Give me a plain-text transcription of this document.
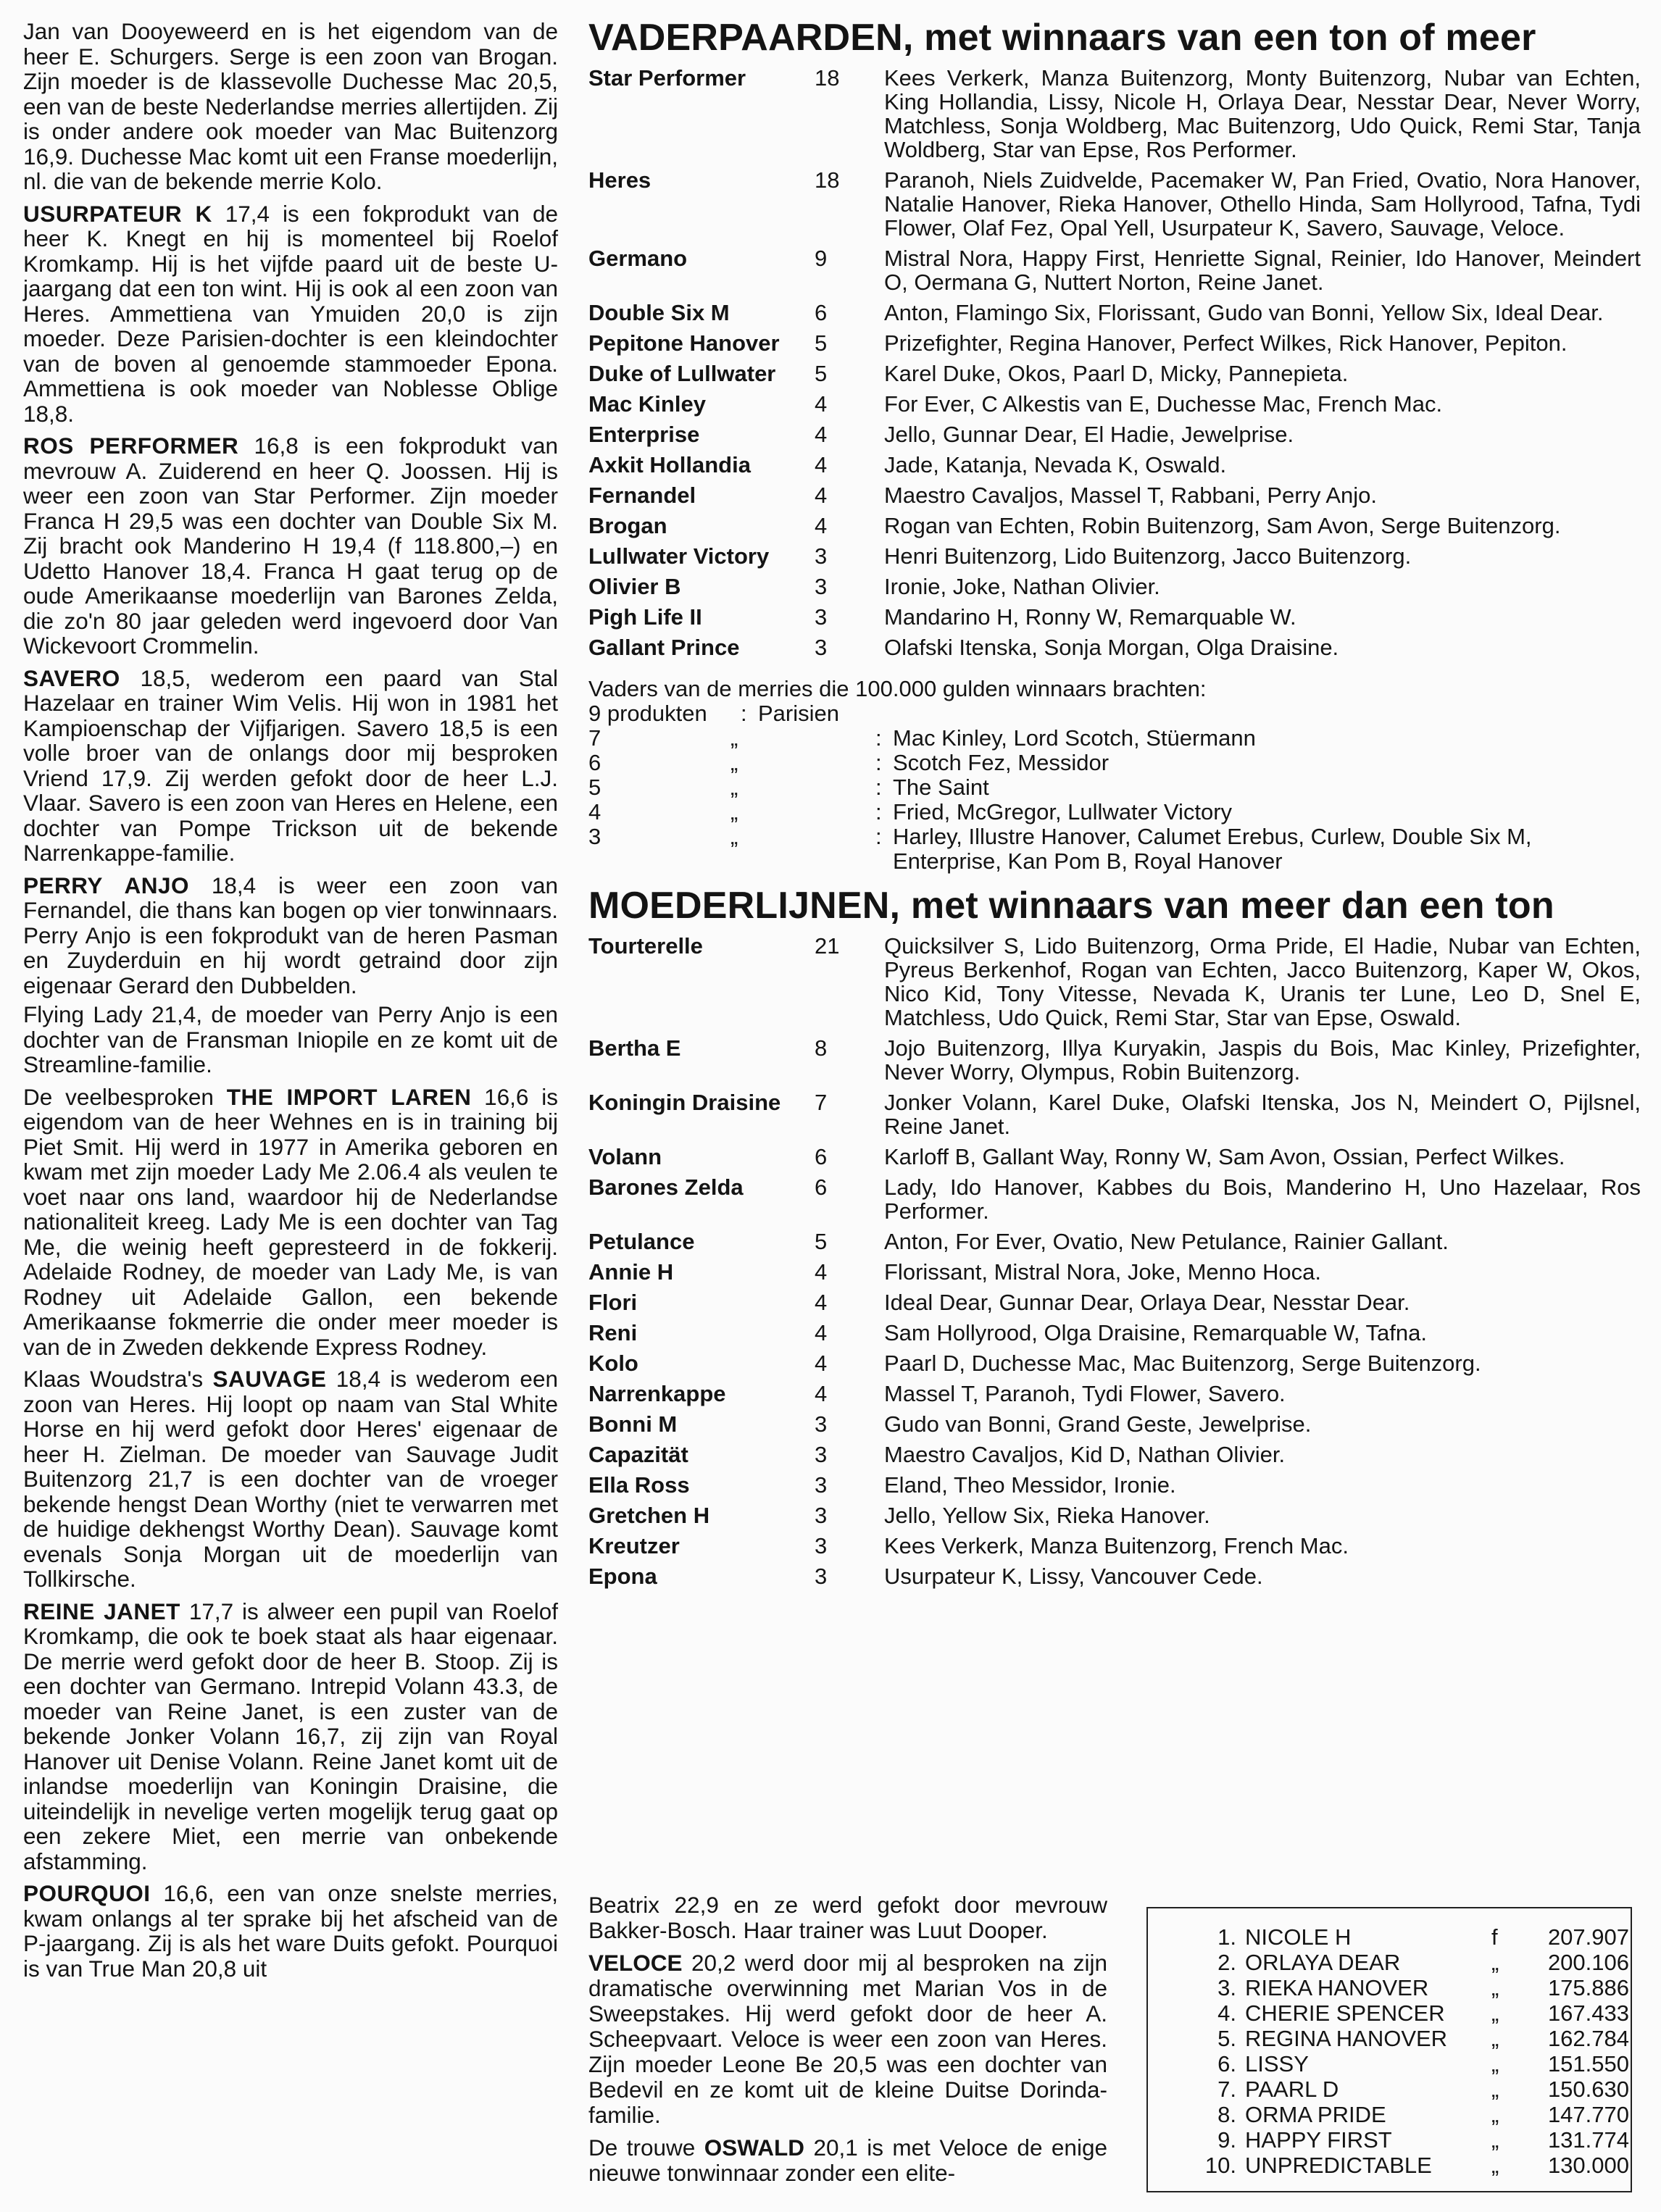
Jan van Dooyeweerd en is het eigendom van de heer E. Schurgers. Serge is een zoon van Brogan. Zijn moeder is de klassevolle Duchesse Mac 20,5, een van de beste Nederlandse merries allertijden. Zij is onder andere ook moeder van Mac Buitenzorg 16,9. Duchesse Mac komt uit een Franse moederlijn, nl. die van de bekende merrie Kolo.

USURPATEUR K 17,4 is een fokprodukt van de heer K. Knegt en hij is momenteel bij Roelof Kromkamp. Hij is het vijfde paard uit de beste U-jaargang dat een ton wint. Hij is ook al een zoon van Heres. Ammettiena van Ymuiden 20,0 is zijn moeder. Deze Parisien-dochter is een kleindochter van de boven al genoemde stammoeder Epona. Ammettiena is ook moeder van Noblesse Oblige 18,8.

ROS PERFORMER 16,8 is een fokprodukt van mevrouw A. Zuiderend en heer Q. Joossen. Hij is weer een zoon van Star Performer. Zijn moeder Franca H 29,5 was een dochter van Double Six M. Zij bracht ook Manderino H 19,4 (f 118.800,–) en Udetto Hanover 18,4. Franca H gaat terug op de oude Amerikaanse moederlijn van Barones Zelda, die zo'n 80 jaar geleden werd ingevoerd door Van Wickevoort Crommelin.

SAVERO 18,5, wederom een paard van Stal Hazelaar en trainer Wim Velis. Hij won in 1981 het Kampioenschap der Vijfjarigen. Savero 18,5 is een volle broer van de onlangs door mij besproken Vriend 17,9. Zij werden gefokt door de heer L.J. Vlaar. Savero is een zoon van Heres en Helene, een dochter van Pompe Trickson uit de bekende Narrenkappe-familie.

PERRY ANJO 18,4 is weer een zoon van Fernandel, die thans kan bogen op vier tonwinnaars. Perry Anjo is een fokprodukt van de heren Pasman en Zuyderduin en hij wordt getraind door zijn eigenaar Gerard den Dubbelden.

Flying Lady 21,4, de moeder van Perry Anjo is een dochter van de Fransman Iniopile en ze komt uit de Streamline-familie.

De veelbesproken THE IMPORT LAREN 16,6 is eigendom van de heer Wehnes en is in training bij Piet Smit. Hij werd in 1977 in Amerika geboren en kwam met zijn moeder Lady Me 2.06.4 als veulen te voet naar ons land, waardoor hij de Nederlandse nationaliteit kreeg. Lady Me is een dochter van Tag Me, die weinig heeft gepresteerd in de fokkerij. Adelaide Rodney, de moeder van Lady Me, is van Rodney uit Adelaide Gallon, een bekende Amerikaanse fokmerrie die onder meer moeder is van de in Zweden dekkende Express Rodney.

Klaas Woudstra's SAUVAGE 18,4 is wederom een zoon van Heres. Hij loopt op naam van Stal White Horse en hij werd gefokt door Heres' eigenaar de heer H. Zielman. De moeder van Sauvage Judit Buitenzorg 21,7 is een dochter van de vroeger bekende hengst Dean Worthy (niet te verwarren met de huidige dekhengst Worthy Dean). Sauvage komt evenals Sonja Morgan uit de moederlijn van Tollkirsche.

REINE JANET 17,7 is alweer een pupil van Roelof Kromkamp, die ook te boek staat als haar eigenaar. De merrie werd gefokt door de heer B. Stoop. Zij is een dochter van Germano. Intrepid Volann 43.3, de moeder van Reine Janet, is een zuster van de bekende Jonker Volann 16,7, zij zijn van Royal Hanover uit Denise Volann. Reine Janet komt uit de inlandse moederlijn van Koningin Draisine, die uiteindelijk in nevelige verten mogelijk terug gaat op een zekere Miet, een merrie van onbekende afstamming.

POURQUOI 16,6, een van onze snelste merries, kwam onlangs al ter sprake bij het afscheid van de P-jaargang. Zij is als het ware Duits gefokt. Pourquoi is van True Man 20,8 uit

VADERPAARDEN, met winnaars van een ton of meer
Star Performer	18	Kees Verkerk, Manza Buitenzorg, Monty Buitenzorg, Nubar van Echten, King Hollandia, Lissy, Nicole H, Orlaya Dear, Nesstar Dear, Never Worry, Matchless, Sonja Woldberg, Mac Buitenzorg, Udo Quick, Remi Star, Tanja Woldberg, Star van Epse, Ros Performer.
Heres	18	Paranoh, Niels Zuidvelde, Pacemaker W, Pan Fried, Ovatio, Nora Hanover, Natalie Hanover, Rieka Hanover, Othello Hinda, Sam Hollyrood, Tafna, Tydi Flower, Olaf Fez, Opal Yell, Usurpateur K, Savero, Sauvage, Veloce.
Germano	9	Mistral Nora, Happy First, Henriette Signal, Reinier, Ido Hanover, Meindert O, Oermana G, Nuttert Norton, Reine Janet.
Double Six M	6	Anton, Flamingo Six, Florissant, Gudo van Bonni, Yellow Six, Ideal Dear.
Pepitone Hanover	5	Prizefighter, Regina Hanover, Perfect Wilkes, Rick Hanover, Pepiton.
Duke of Lullwater	5	Karel Duke, Okos, Paarl D, Micky, Pannepieta.
Mac Kinley	4	For Ever, C Alkestis van E, Duchesse Mac, French Mac.
Enterprise	4	Jello, Gunnar Dear, El Hadie, Jewelprise.
Axkit Hollandia	4	Jade, Katanja, Nevada K, Oswald.
Fernandel	4	Maestro Cavaljos, Massel T, Rabbani, Perry Anjo.
Brogan	4	Rogan van Echten, Robin Buitenzorg, Sam Avon, Serge Buitenzorg.
Lullwater Victory	3	Henri Buitenzorg, Lido Buitenzorg, Jacco Buitenzorg.
Olivier B	3	Ironie, Joke, Nathan Olivier.
Pigh Life II	3	Mandarino H, Ronny W, Remarquable W.
Gallant Prince	3	Olafski Itenska, Sonja Morgan, Olga Draisine.
Vaders van de merries die 100.000 gulden winnaars brachten:
9 produkten	: Parisien
7	„	: Mac Kinley, Lord Scotch, Stüermann
6	„	: Scotch Fez, Messidor
5	„	: The Saint
4	„	: Fried, McGregor, Lullwater Victory
3	„	: Harley, Illustre Hanover, Calumet Erebus, Curlew, Double Six M, Enterprise, Kan Pom B, Royal Hanover
MOEDERLIJNEN, met winnaars van meer dan een ton
Tourterelle	21	Quicksilver S, Lido Buitenzorg, Orma Pride, El Hadie, Nubar van Echten, Pyreus Berkenhof, Rogan van Echten, Jacco Buitenzorg, Kaper W, Okos, Nico Kid, Tony Vitesse, Nevada K, Uranis ter Lune, Leo D, Snel E, Matchless, Udo Quick, Remi Star, Star van Epse, Oswald.
Bertha E	8	Jojo Buitenzorg, Illya Kuryakin, Jaspis du Bois, Mac Kinley, Prizefighter, Never Worry, Olympus, Robin Buitenzorg.
Koningin Draisine	7	Jonker Volann, Karel Duke, Olafski Itenska, Jos N, Meindert O, Pijlsnel, Reine Janet.
Volann	6	Karloff B, Gallant Way, Ronny W, Sam Avon, Ossian, Perfect Wilkes.
Barones Zelda	6	Lady, Ido Hanover, Kabbes du Bois, Manderino H, Uno Hazelaar, Ros Performer.
Petulance	5	Anton, For Ever, Ovatio, New Petulance, Rainier Gallant.
Annie H	4	Florissant, Mistral Nora, Joke, Menno Hoca.
Flori	4	Ideal Dear, Gunnar Dear, Orlaya Dear, Nesstar Dear.
Reni	4	Sam Hollyrood, Olga Draisine, Remarquable W, Tafna.
Kolo	4	Paarl D, Duchesse Mac, Mac Buitenzorg, Serge Buitenzorg.
Narrenkappe	4	Massel T, Paranoh, Tydi Flower, Savero.
Bonni M	3	Gudo van Bonni, Grand Geste, Jewelprise.
Capazität	3	Maestro Cavaljos, Kid D, Nathan Olivier.
Ella Ross	3	Eland, Theo Messidor, Ironie.
Gretchen H	3	Jello, Yellow Six, Rieka Hanover.
Kreutzer	3	Kees Verkerk, Manza Buitenzorg, French Mac.
Epona	3	Usurpateur K, Lissy, Vancouver Cede.

Beatrix 22,9 en ze werd gefokt door mevrouw Bakker-Bosch. Haar trainer was Luut Dooper.

VELOCE 20,2 werd door mij al besproken na zijn dramatische overwinning met Marian Vos in de Sweepstakes. Hij werd gefokt door de heer A. Scheepvaart. Veloce is weer een zoon van Heres. Zijn moeder Leone Be 20,5 was een dochter van Bedevil en ze komt uit de kleine Duitse Dorinda-familie.

De trouwe OSWALD 20,1 is met Veloce de enige nieuwe tonwinnaar zonder een elite-

1. NICOLE H	f	207.907
2. ORLAYA DEAR	„	200.106
3. RIEKA HANOVER	„	175.886
4. CHERIE SPENCER	„	167.433
5. REGINA HANOVER	„	162.784
6. LISSY	„	151.550
7. PAARL D	„	150.630
8. ORMA PRIDE	„	147.770
9. HAPPY FIRST	„	131.774
10. UNPREDICTABLE	„	130.000
